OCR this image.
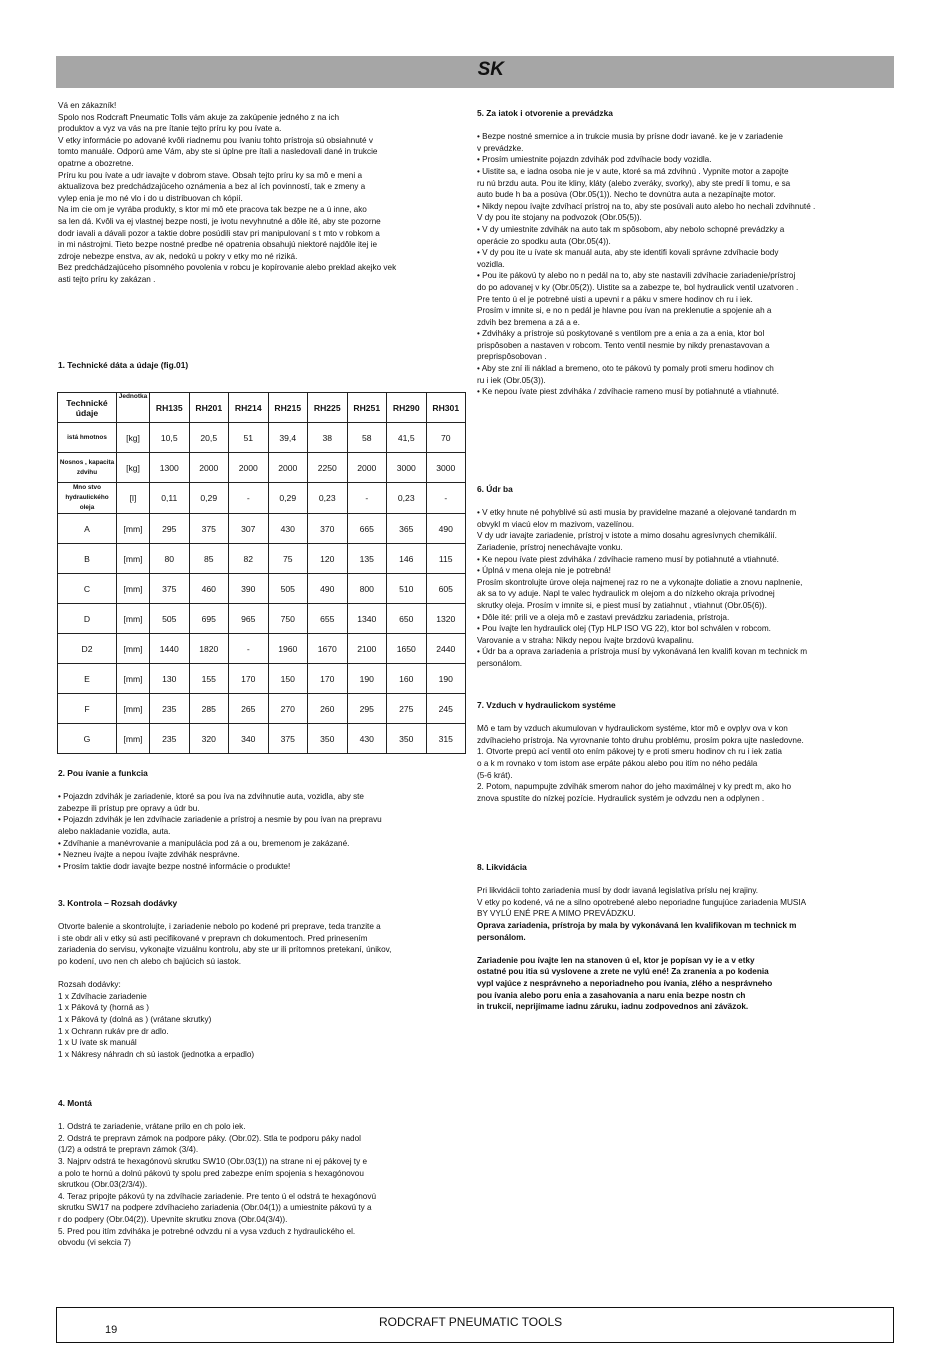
SK

Vá en zákazník!

Spolo nos Rodcraft Pneumatic Tolls vám akuje za zakúpenie jedného z na ich

produktov a vyz va vás na pre ítanie tejto príru ky pou ívate a.

V etky informácie po adované kvôli riadnemu pou ívaniu tohto prístroja sú obsiahnuté v

tomto manuále. Odporú ame Vám, aby ste si úplne pre ítali a nasledovali dané in trukcie

opatrne a obozretne.

Príru ku pou ívate a udr iavajte v dobrom stave. Obsah tejto príru ky sa mô e meni a

aktualizova bez predchádzajúceho oznámenia a bez al ích povinností, tak e zmeny a

vylep enia je mo né vlo i do u distribuovan ch kópií.

Na im cie om je vyrába produkty, s ktor mi mô ete pracova tak bezpe ne a ú inne, ako

sa len dá. Kvôli va ej vlastnej bezpe nosti, je ivotu nevyhnutné a dôle ité, aby ste pozorne

dodr iavali a dávali pozor a taktie dobre posúdili stav pri manipulovaní s t mto v robkom a

in mi nástrojmi. Tieto bezpe nostné predbe né opatrenia obsahujú niektoré najdôle itej ie

zdroje nebezpe enstva, av ak, nedokú u pokry v etky mo né riziká.

Bez predchádzajúceho písomného povolenia v robcu je kopírovanie alebo preklad akejko vek

asti tejto príru ky zakázan .

1. Technické dáta a údaje (fig.01)

Technické údaje	Jednotka	RH135	RH201	RH214	RH215	RH225	RH251	RH290	RH301
istá hmotnos	[kg]	10,5	20,5	51	39,4	38	58	41,5	70
Nosnos , kapacita zdvihu	[kg]	1300	2000	2000	2000	2250	2000	3000	3000
Mno stvo hydraulického oleja	[l]	0,11	0,29	-	0,29	0,23	-	0,23	-
A	[mm]	295	375	307	430	370	665	365	490
B	[mm]	80	85	82	75	120	135	146	115
C	[mm]	375	460	390	505	490	800	510	605
D	[mm]	505	695	965	750	655	1340	650	1320
D2	[mm]	1440	1820	-	1960	1670	2100	1650	2440
E	[mm]	130	155	170	150	170	190	160	190
F	[mm]	235	285	265	270	260	295	275	245
G	[mm]	235	320	340	375	350	430	350	315

2. Pou ívanie a funkcia

• Pojazdn zdvihák je zariadenie, ktoré sa pou íva na zdvihnutie auta, vozidla, aby ste

zabezpe ili prístup pre opravy a údr bu.

• Pojazdn zdvihák je len zdvíhacie zariadenie a prístroj a nesmie by pou ívan na prepravu

alebo nakladanie vozidla, auta.

• Zdvíhanie a manévrovanie a manipulácia pod zá a ou, bremenom je zakázané.

• Nezneu ívajte a nepou ívajte zdvihák nesprávne.

• Prosím taktie dodr iavajte bezpe nostné informácie o produkte!

3. Kontrola – Rozsah dodávky

Otvorte balenie a skontrolujte, i zariadenie nebolo po kodené pri preprave, teda tranzite a

i ste obdr ali v etky sú asti pecifikované v prepravn ch dokumentoch. Pred prinesením

zariadenia do servisu, vykonajte vizuálnu kontrolu, aby ste ur ili prítomnos pretekaní, únikov,

po kodení, uvo nen ch alebo ch bajúcich sú iastok.

Rozsah dodávky:

1 x Zdvíhacie zariadenie

1 x Páková ty (horná as )

1 x Páková ty (dolná as ) (vrátane skrutky)

1 x Ochrann rukáv pre dr adlo.

1 x U ívate sk manuál

1 x Nákresy náhradn ch sú iastok (jednotka a erpadlo)

4. Montá

1. Odstrá te zariadenie, vrátane prilo en ch polo iek.

2. Odstrá te prepravn zámok na podpore páky. (Obr.02). Stla te podporu páky nadol

(1/2) a odstrá te prepravn zámok (3/4).

3. Najprv odstrá te hexagónovú skrutku SW10 (Obr.03(1)) na strane ni ej pákovej ty e

a polo te hornú a dolnú pákovú ty spolu pred zabezpe ením spojenia s hexagónovou

skrutkou (Obr.03(2/3/4)).

4. Teraz pripojte pákovú ty na zdvíhacie zariadenie. Pre tento ú el odstrá te hexagónovú

skrutku SW17 na podpere zdvíhacieho zariadenia (Obr.04(1)) a umiestnite pákovú ty a

r do podpery (Obr.04(2)). Upevnite skrutku znova (Obr.04(3/4)).

5. Pred pou itím zdviháka je potrebné odvzdu ni a vysa vzduch z hydraulického el.

obvodu (vi sekcia 7)

5. Za iatok i otvorenie a prevádzka

• Bezpe nostné smernice a in trukcie musia by prísne dodr iavané. ke je v zariadenie

v prevádzke.

• Prosím umiestnite pojazdn zdvihák pod zdvíhacie body vozidla.

• Uistite sa, e iadna osoba nie je v aute, ktoré sa má zdvihnú . Vypnite motor a zapojte

ru nú brzdu auta. Pou ite kliny, kláty (alebo zveráky, svorky), aby ste predí li tomu, e sa

auto bude h ba a posúva (Obr.05(1)). Necho te dovnútra auta a nezapínajte motor.

• Nikdy nepou ívajte zdvíhací prístroj na to, aby ste posúvali auto alebo ho nechali zdvihnuté .

V dy pou ite stojany na podvozok (Obr.05(5)).

• V dy umiestnite zdvihák na auto tak m spôsobom, aby nebolo schopné prevádzky a

operácie zo spodku auta (Obr.05(4)).

• V dy pou ite u ívate sk manuál auta, aby ste identifi kovali správne zdvíhacie body

vozidla.

• Pou ite pákovú ty alebo no n pedál na to, aby ste nastavili zdvíhacie zariadenie/prístroj

do po adovanej v ky (Obr.05(2)). Uistite sa a zabezpe te, bol hydraulick ventil uzatvoren .

Pre tento ú el je potrebné uisti a upevni r a páku v smere hodinov ch ru i iek.

Prosím v imnite si, e no n pedál je hlavne pou ívan na preklenutie a spojenie ah a

zdvih bez bremena a zá a e.

• Zdviháky a prístroje sú poskytované s ventilom pre a enia a za a enia, ktor bol

prispôsoben a nastaven v robcom. Tento ventil nesmie by nikdy prenastavovan a

preprispôsobovan .

• Aby ste zní ili náklad a bremeno, oto te pákovú ty pomaly proti smeru hodinov ch

ru i iek (Obr.05(3)).

• Ke nepou ívate piest zdviháka / zdvíhacie rameno musí by potiahnuté a vtiahnuté.

6. Údr ba

• V etky hnute né pohyblivé sú asti musia by pravidelne mazané a olejované tandardn m

obvykl m viacú elov m mazivom, vazelínou.

V dy udr iavajte zariadenie, prístroj v istote a mimo dosahu agresívnych chemikálií.

Zariadenie, prístroj nenechávajte vonku.

• Ke nepou ívate piest zdviháka / zdvíhacie rameno musí by potiahnuté a vtiahnuté.

• Úplná v mena oleja nie je potrebná!

Prosím skontrolujte úrove oleja najmenej raz ro ne a vykonajte doliatie a znovu naplnenie,

ak sa to vy aduje. Napl te valec hydraulick m olejom a do nízkeho okraja prívodnej

skrutky oleja. Prosím v imnite si, e piest musí by zatiahnut , vtiahnut (Obr.05(6)).

• Dôle ité: prili ve a oleja mô e zastavi prevádzku zariadenia, prístroja.

• Pou ívajte len hydraulick olej (Typ HLP ISO VG 22), ktor bol schválen v robcom.

Varovanie a v straha: Nikdy nepou ívajte brzdovú kvapalinu.

• Údr ba a oprava zariadenia a prístroja musí by vykonávaná len kvalifi kovan m technick m

personálom.

7. Vzduch v hydraulickom systéme

Mô e tam by vzduch akumulovan v hydraulickom systéme, ktor mô e ovplyv ova v kon

zdvíhacieho prístroja. Na vyrovnanie tohto druhu problému, prosím pokra ujte nasledovne.

1. Otvorte prepú ací ventil oto ením pákovej ty e proti smeru hodinov ch ru i iek zatia

o a k m rovnako v tom istom ase erpáte pákou alebo pou itím no ného pedála

(5-6 krát).

2. Potom, napumpujte zdvihák smerom nahor do jeho maximálnej v ky predt m, ako ho

znova spustíte do nízkej pozície. Hydraulick systém je odvzdu nen a odplynen .

8. Likvidácia

Pri likvidácii tohto zariadenia musí by dodr iavaná legislatíva príslu nej krajiny.

V etky po kodené, vá ne a silno opotrebené alebo neporiadne fungujúce zariadenia MUSIA

BY VYLÚ ENÉ PRE A MIMO PREVÁDZKU.

Oprava zariadenia, prístroja by mala by vykonávaná len kvalifikovan m technick m

personálom.

Zariadenie pou ívajte len na stanoven ú el, ktor je popísan vy ie a v etky

ostatné pou itia sú vyslovene a zrete ne vylú ené! Za zranenia a po kodenia

vypl vajúce z nesprávneho a neporiadneho pou ívania, zlého a nesprávneho

pou ívania alebo poru enia a zasahovania a naru enia bezpe nostn ch

in trukcií, neprijímame iadnu záruku, iadnu zodpovednos ani záväzok.

19
RODCRAFT PNEUMATIC TOOLS
